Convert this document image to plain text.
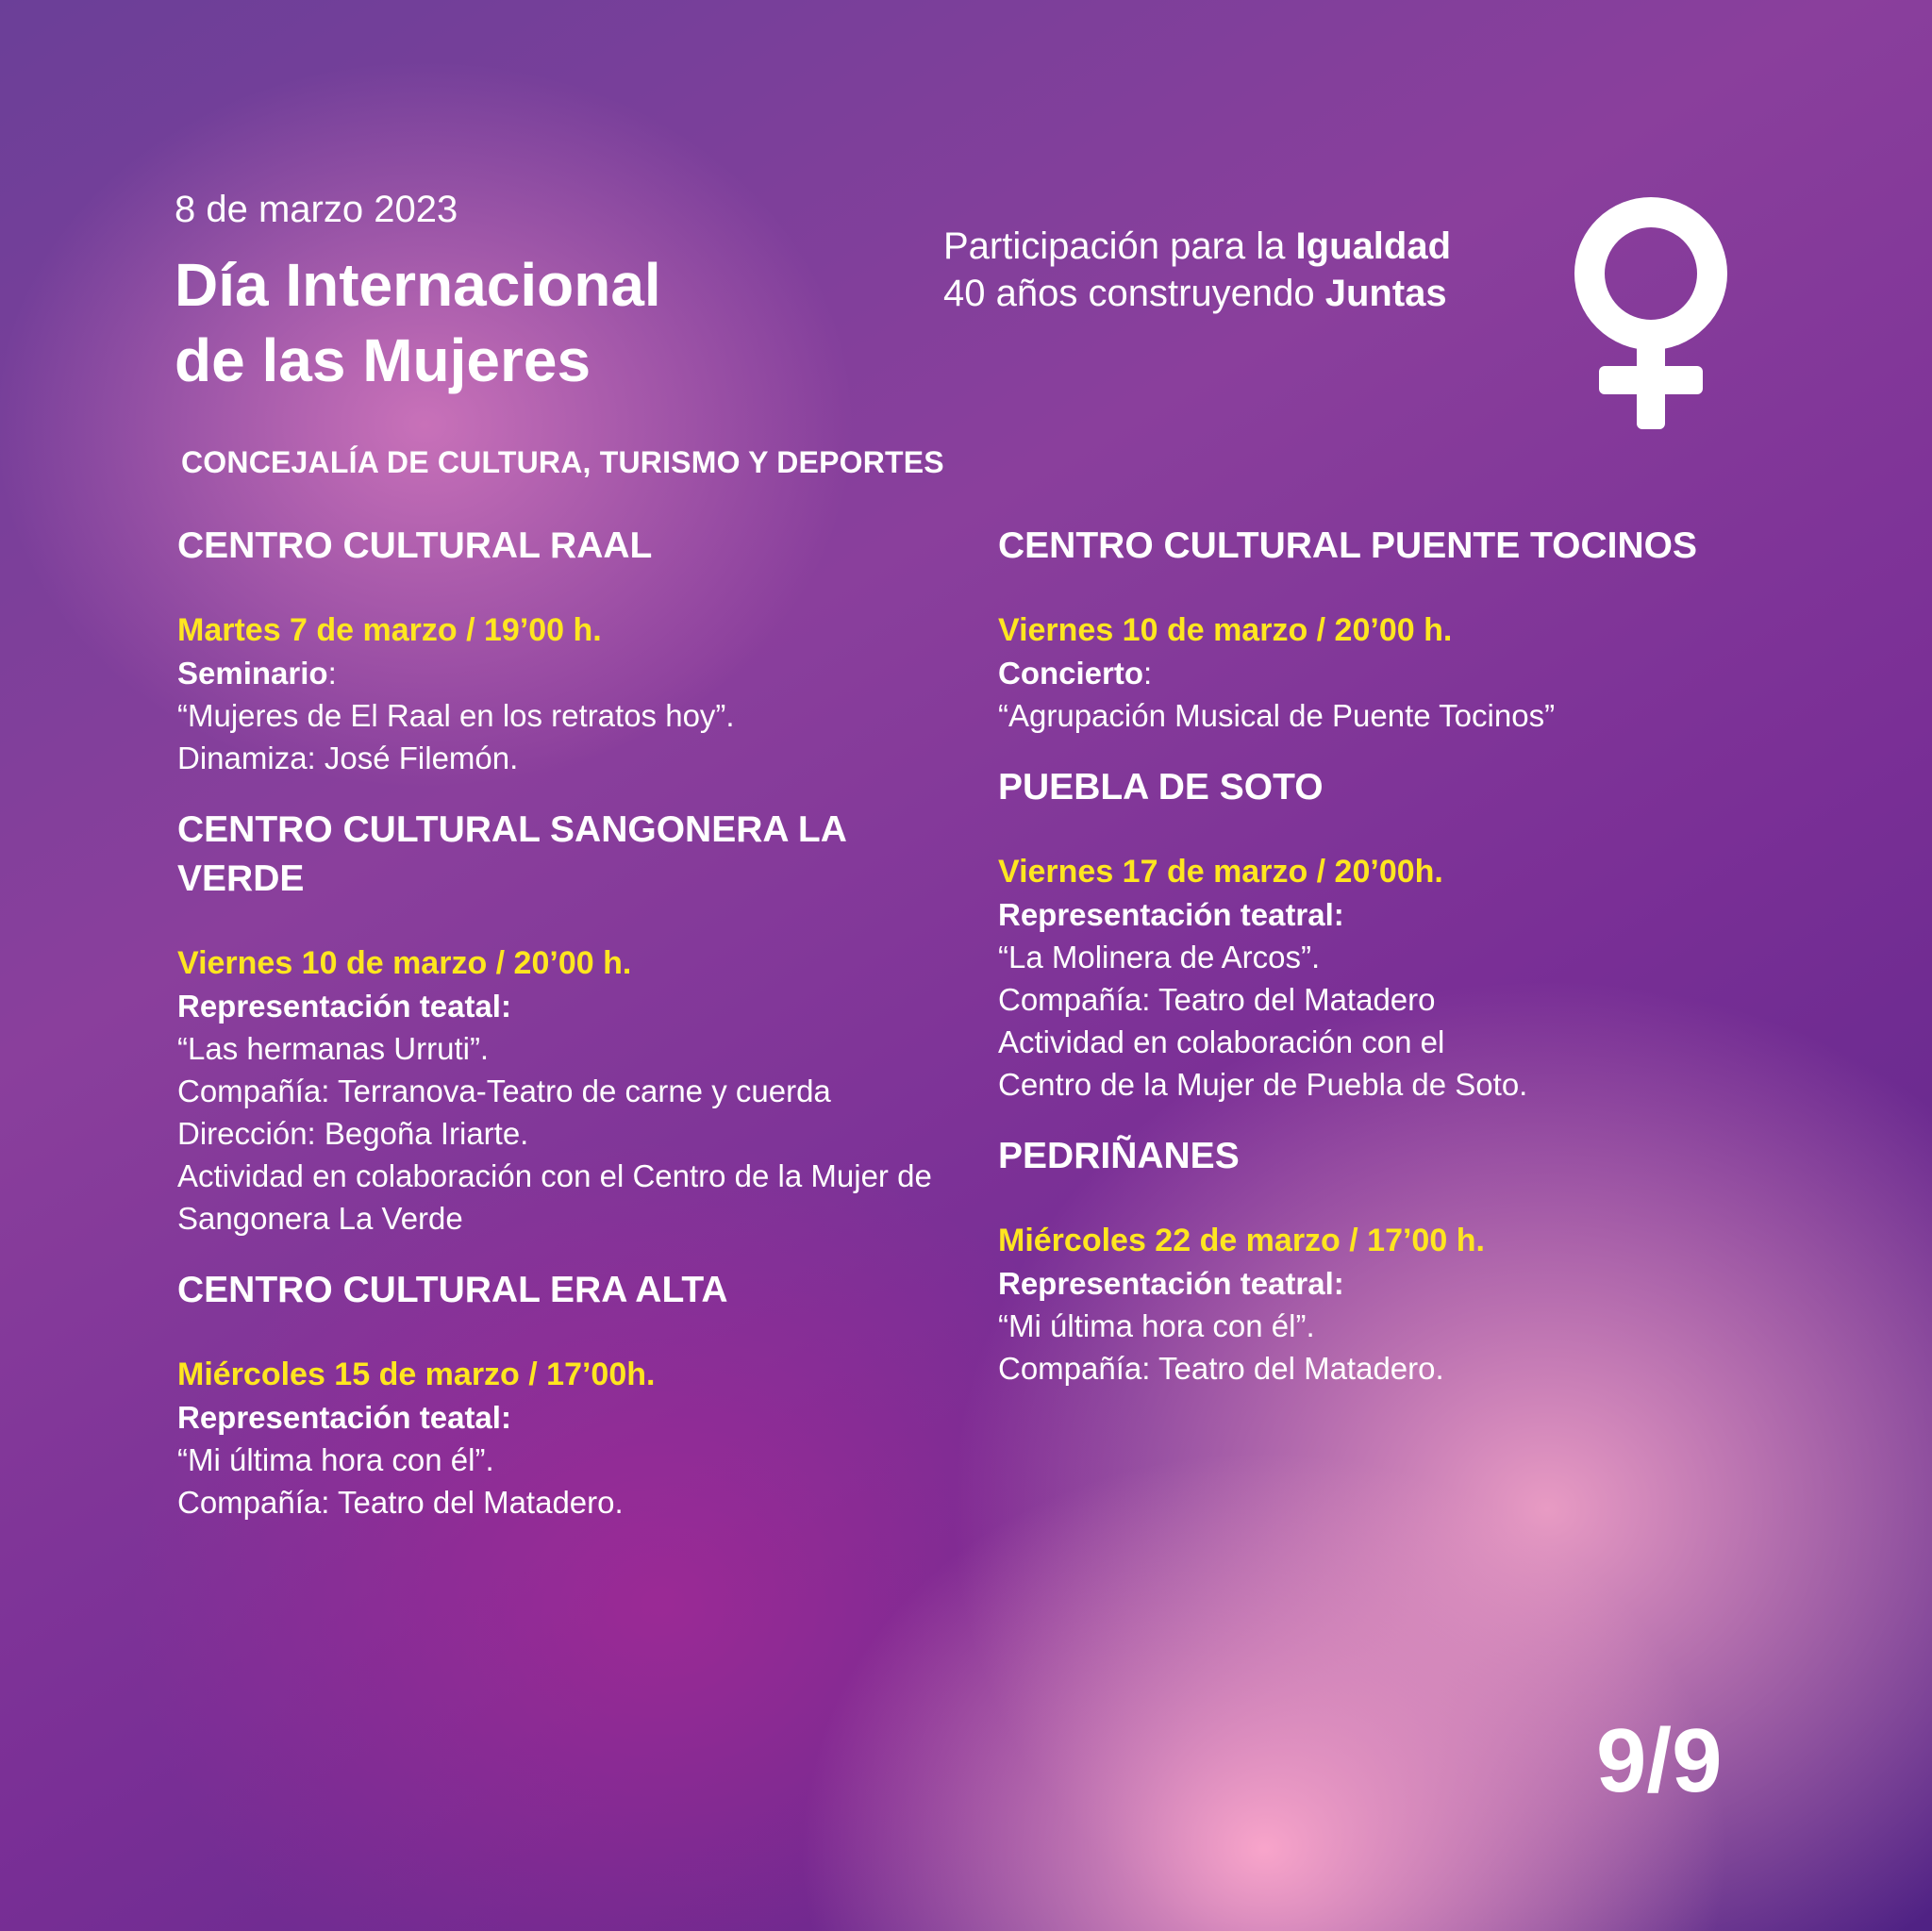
8 de marzo 2023
Día Internacional
de las Mujeres
Participación para la Igualdad
40 años construyendo Juntas
CONCEJALÍA DE CULTURA, TURISMO Y DEPORTES
CENTRO CULTURAL RAAL
Martes 7 de marzo / 19’00 h.
Seminario:
“Mujeres de El Raal en los retratos hoy”.
Dinamiza: José Filemón.
CENTRO CULTURAL SANGONERA LA VERDE
Viernes 10 de marzo / 20’00 h.
Representación teatal:
“Las hermanas Urruti”.
Compañía: Terranova-Teatro de carne y cuerda
Dirección: Begoña Iriarte.
Actividad en colaboración con el Centro de la Mujer de Sangonera La Verde
CENTRO CULTURAL ERA ALTA
Miércoles 15 de marzo / 17’00h.
Representación teatal:
“Mi última hora con él”.
Compañía: Teatro del Matadero.
CENTRO CULTURAL PUENTE TOCINOS
Viernes 10 de marzo / 20’00 h.
Concierto:
“Agrupación Musical de Puente Tocinos”
PUEBLA DE SOTO
Viernes 17 de marzo / 20’00h.
Representación teatral:
“La Molinera de Arcos”.
Compañía: Teatro del Matadero
Actividad en colaboración con el
Centro de la Mujer de Puebla de Soto.
PEDRIÑANES
Miércoles 22 de marzo / 17’00 h.
Representación teatral:
“Mi última hora con él”.
Compañía: Teatro del Matadero.
9/9
